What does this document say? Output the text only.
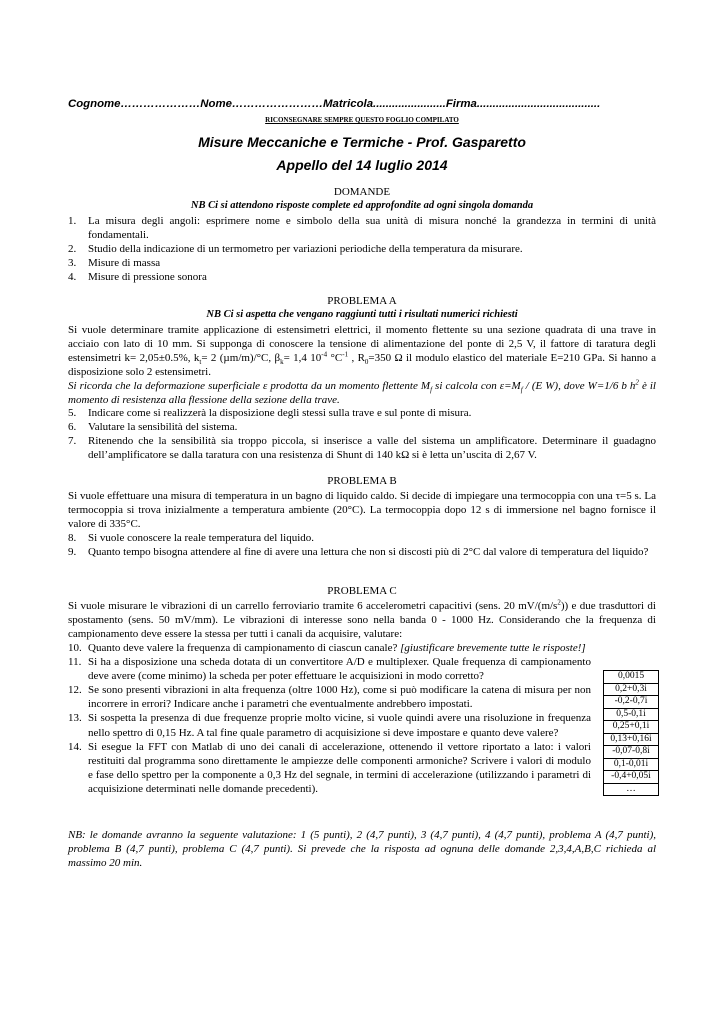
Cognome…………………Nome……………………Matricola.......................Firma.......................................
RICONSEGNARE SEMPRE QUESTO FOGLIO COMPILATO
Misure Meccaniche e Termiche - Prof. Gasparetto
Appello del 14 luglio 2014
DOMANDE
NB Ci si attendono risposte complete ed approfondite ad ogni singola domanda
1. La misura degli angoli: esprimere nome e simbolo della sua unità di misura nonché la grandezza in termini di unità fondamentali.
2. Studio della indicazione di un termometro per variazioni periodiche della temperatura da misurare.
3. Misure di massa
4. Misure di pressione sonora
PROBLEMA A
NB Ci si aspetta che vengano raggiunti tutti i risultati numerici richiesti
Si vuole determinare tramite applicazione di estensimetri elettrici, il momento flettente su una sezione quadrata di una trave in acciaio con lato di 10 mm. Si supponga di conoscere la tensione di alimentazione del ponte di 2,5 V, il fattore di taratura degli estensimetri k= 2,05±0.5%, $k_t= 2$ (µm/m)/°C, $\beta_k= 1,4$ $10^{-4}$ $^\circ C^{-1}$ , $R_0=350$ Ω il modulo elastico del materiale E=210 GPa. Si hanno a disposizione solo 2 estensimetri.
Si ricorda che la deformazione superficiale ε prodotta da un momento flettente $M_f$ si calcola con $\varepsilon=M_f / (E$ W), dove W=1/6 b $h^2$ è il momento di resistenza alla flessione della sezione della trave.
5. Indicare come si realizzerà la disposizione degli stessi sulla trave e sul ponte di misura.
6. Valutare la sensibilità del sistema.
7. Ritenendo che la sensibilità sia troppo piccola, si inserisce a valle del sistema un amplificatore. Determinare il guadagno dell’amplificatore se dalla taratura con una resistenza di Shunt di 140 kΩ si è letta un’uscita di 2,67 V.
PROBLEMA B
Si vuole effettuare una misura di temperatura in un bagno di liquido caldo. Si decide di impiegare una termocoppia con una τ=5 s. La termocoppia si trova inizialmente a temperatura ambiente (20°C). La termocoppia dopo 12 s di immersione nel bagno fornisce il valore di 335°C.
8. Si vuole conoscere la reale temperatura del liquido.
9. Quanto tempo bisogna attendere al fine di avere una lettura che non si discosti più di 2°C dal valore di temperatura del liquido?
PROBLEMA C
Si vuole misurare le vibrazioni di un carrello ferroviario tramite 6 accelerometri capacitivi (sens. 20 $mV/(m/s^2)$) e due trasduttori di spostamento (sens. 50 mV/mm). Le vibrazioni di interesse sono nella banda 0 - 1000 Hz. Considerando che la frequenza di campionamento deve essere la stessa per tutti i canali da acquisire, valutare:
10. Quanto deve valere la frequenza di campionamento di ciascun canale? [giustificare brevemente tutte le risposte!]
11. Si ha a disposizione una scheda dotata di un convertitore A/D e multiplexer. Quale frequenza di campionamento deve avere (come minimo) la scheda per poter effettuare le acquisizioni in modo corretto?
12. Se sono presenti vibrazioni in alta frequenza (oltre 1000 Hz), come si può modificare la catena di misura per non incorrere in errori? Indicare anche i parametri che eventualmente andrebbero impostati.
13. Si sospetta la presenza di due frequenze proprie molto vicine, si vuole quindi avere una risoluzione in frequenza nello spettro di 0,15 Hz. A tal fine quale parametro di acquisizione si deve impostare e quanto deve valere?
14. Si esegue la FFT con Matlab di uno dei canali di accelerazione, ottenendo il vettore riportato a lato: i valori restituiti dal programma sono direttamente le ampiezze delle componenti armoniche? Scrivere i valori di modulo e fase dello spettro per la componente a 0,3 Hz del segnale, in termini di accelerazione (utilizzando i parametri di acquisizione determinati nelle domande precedenti).
0,0015
0,2+0,3i
-0,2-0,7i
0,5-0,1i
0,25+0,1i
0,13+0,16i
-0,07-0,8i
0,1-0,01i
-0,4+0,05i
…
NB: le domande avranno la seguente valutazione: 1 (5 punti), 2 (4,7 punti), 3 (4,7 punti), 4 (4,7 punti), problema A (4,7 punti), problema B (4,7 punti), problema C (4,7 punti). Si prevede che la risposta ad ognuna delle domande 2,3,4,A,B,C richieda al massimo 20 min.
